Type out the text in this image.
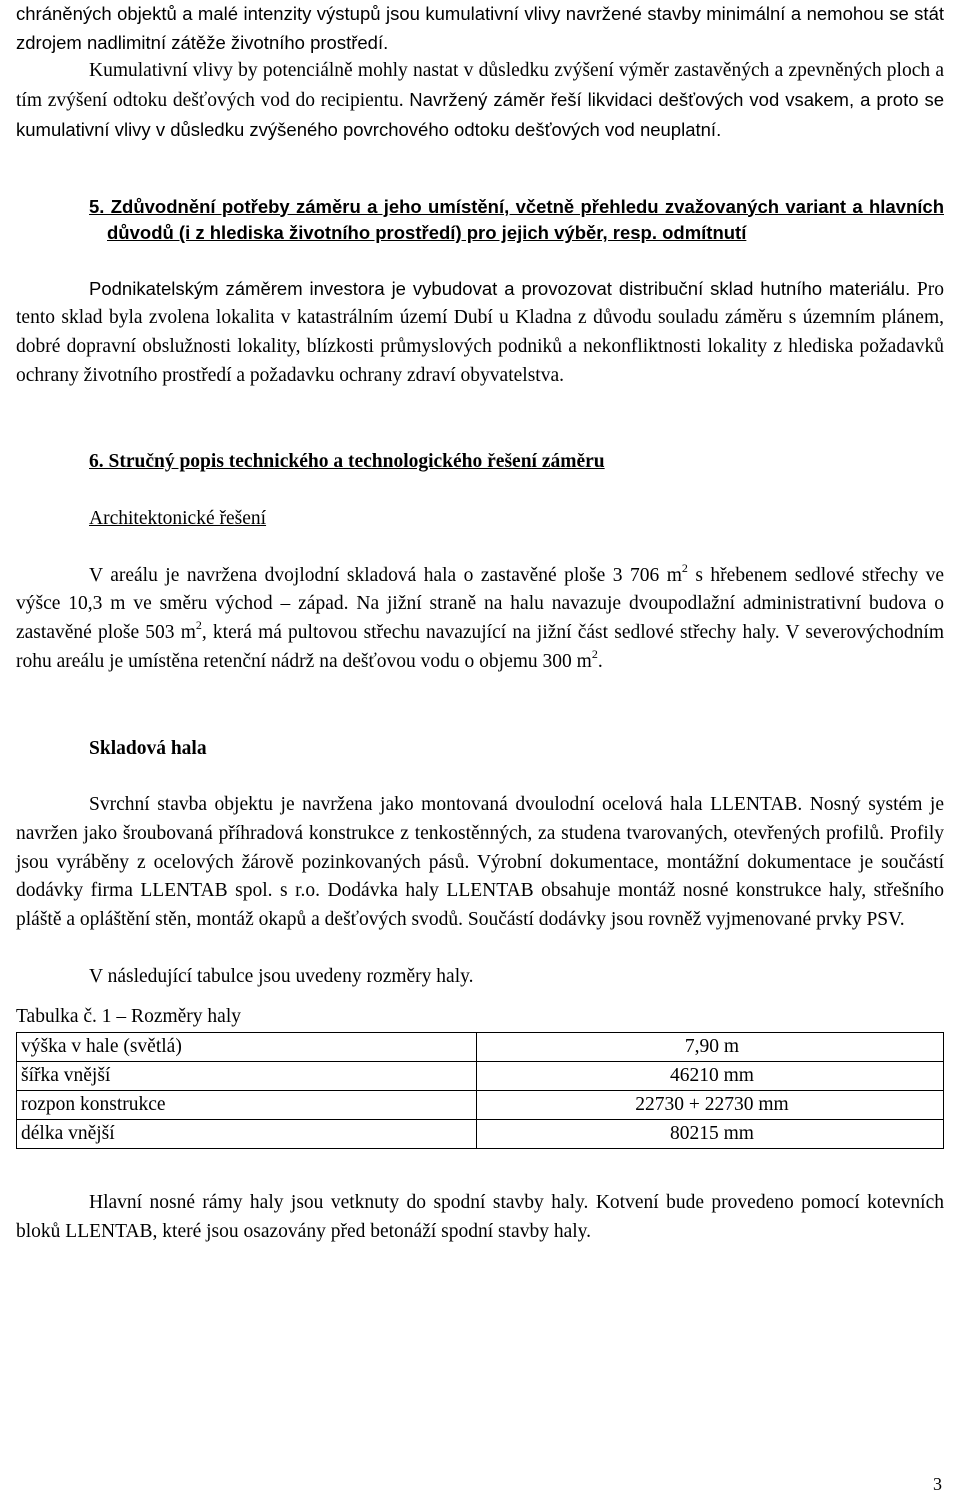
chráněných objektů a malé intenzity výstupů jsou kumulativní vlivy navržené stavby minimální a nemohou se stát zdrojem nadlimitní zátěže životního prostředí.

Kumulativní vlivy by potenciálně mohly nastat v důsledku zvýšení výměr zastavěných a zpevněných ploch a tím zvýšení odtoku dešťových vod do recipientu. Navržený záměr řeší likvidaci dešťových vod vsakem, a proto se kumulativní vlivy v důsledku zvýšeného povrchového odtoku dešťových vod neuplatní.

5. Zdůvodnění potřeby záměru a jeho umístění, včetně přehledu zvažovaných variant a hlavních důvodů (i z hlediska životního prostředí) pro jejich výběr, resp. odmítnutí

Podnikatelským záměrem investora je vybudovat a provozovat distribuční sklad hutního materiálu. Pro tento sklad byla zvolena lokalita v katastrálním území Dubí u Kladna z důvodu souladu záměru s územním plánem, dobré dopravní obslužnosti lokality, blízkosti průmyslových podniků a nekonfliktnosti lokality z hlediska požadavků ochrany životního prostředí a požadavku ochrany zdraví obyvatelstva.

6. Stručný popis technického a technologického řešení záměru

Architektonické řešení

V areálu je navržena dvojlodní skladová hala o zastavěné ploše 3 706 $m^2$ s hřebenem sedlové střechy ve výšce 10,3 m ve směru východ – západ. Na jižní straně na halu navazuje dvoupodlažní administrativní budova o zastavěné ploše 503 $m^2$, která má pultovou střechu navazující na jižní část sedlové střechy haly. V severovýchodním rohu areálu je umístěna retenční nádrž na dešťovou vodu o objemu 300 $m^2$.

Skladová hala

Svrchní stavba objektu je navržena jako montovaná dvoulodní ocelová hala LLENTAB. Nosný systém je navržen jako šroubovaná příhradová konstrukce z tenkostěnných, za studena tvarovaných, otevřených profilů. Profily jsou vyráběny z ocelových žárově pozinkovaných pásů. Výrobní dokumentace, montážní dokumentace je součástí dodávky firma LLENTAB spol. s r.o. Dodávka haly LLENTAB obsahuje montáž nosné konstrukce haly, střešního pláště a opláštění stěn, montáž okapů a dešťových svodů. Součástí dodávky jsou rovněž vyjmenované prvky PSV.

V následující tabulce jsou uvedeny rozměry haly.

Tabulka č. 1 – Rozměry haly

výška v hale (světlá)	7,90 m
šířka vnější	46210 mm
rozpon konstrukce	22730 + 22730 mm
délka vnější	80215 mm

Hlavní nosné rámy haly jsou vetknuty do spodní stavby haly. Kotvení bude provedeno pomocí kotevních bloků LLENTAB, které jsou osazovány před betonáží spodní stavby haly.

3
